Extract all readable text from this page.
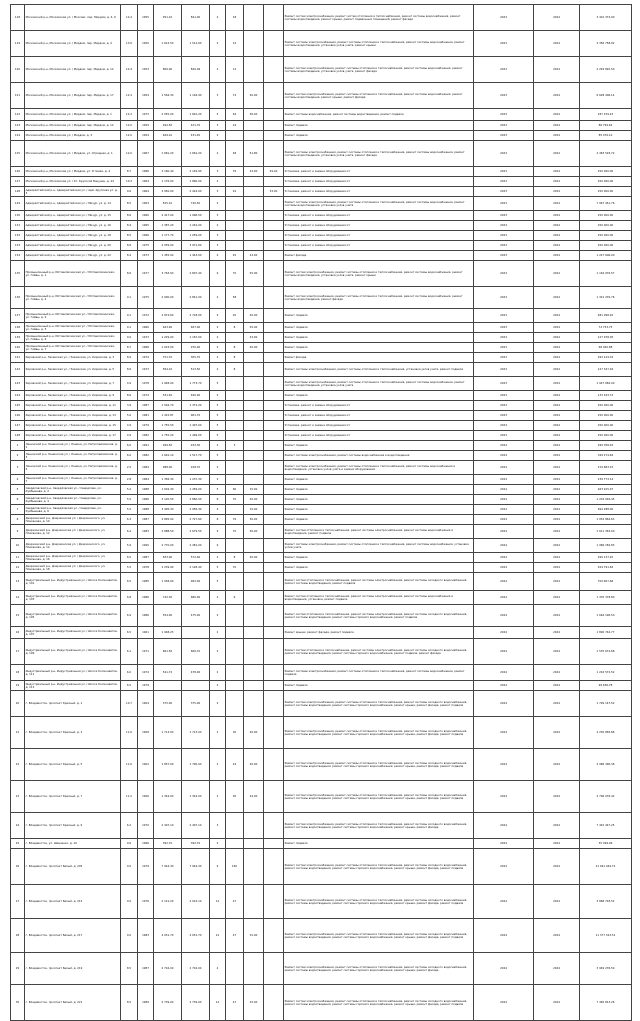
118	Московский р-н, Московская ул. / Московс. пер. Мирдом, д. 4, 9	12.4	1955	951,10	841,00	2	18			Ремонт систем электроснабжения, ремонт систем отопления и теплоснабжения, ремонт системы водоснабжения, ремонт системы водоотведения, ремонт крыши, ремонт подвальных помещений, ремонт фасада	2023	2024	3 401 374,90
119	Московский р-н, Московская ул. / Мирдом, пер. Мирдом, д. 4	13.6	1950	1 612,50	1 512,60	2	12			Ремонт системы электроснабжения, ремонт системы отопления и теплоснабжения, ремонт системы водоснабжения, ремонт системы водоотведения, установка узлов учета, ремонт крыши	2023	2024	4 356 758,92
120	Московский р-н, Московская ул. / Мирдом, пер. Мирдом, д. 12	12.9	1953	806,00	820,09	2	12			Ремонт систем электроснабжения, ремонт системы отопления и теплоснабжения, ремонт системы водоснабжения, ремонт системы водоотведения, установка узлов учета, ремонт фасада	2023	2024	2 249 820,50
121	Московский р-н, Московская ул. / Мирдом, пер. Мирдом, д. 17	12.4	1954	1 564,30	1 194,40	3	74	20,00		Ремонт систем электроснабжения, ремонт системы отопления и теплоснабжения, ремонт системы водоснабжения, ремонт системы водоотведения, ремонт крыши, ремонт фасада	2023	2024	6 628 406,14
122	Московский р-н, Московская ул. / Мирдом, пер. Мирдом, д. 1	12.2	1973	2 055,00	1 810,20	5	64	36,40		Ремонт системы водоснабжения, ремонт системы водоотведения, ремонт подвала	2023	2024	187 159,43
123	Московский р-н, Московская ул. / Мирдом, пер. Мирдом, д. 12	12.0	1959	492,50	421,70	3	24			Ремонт подвала	2023	2024	86 794,62
124	Московский р-н, Московская ул. / Мирдом, д. 3	12.0	1954	469,10	431,20	2				Ремонт подвала	2023	2024	85 476,10
125	Московский р-н, Московская ул. / Мирдом, ул. Отрадная, д. 1	12.0	1967	1 681,20	1 661,20	2	48	51,80		Ремонт системы электроснабжения, ремонт системы отопления и теплоснабжения, ремонт системы водоснабжения, ремонт системы водоотведения, установка узлов учета, ремонт фасада	2023	2024	2 483 593,72
126	Московский р-н, Московская ул. / Мирдом, ул. Угловая, д. 4	8.7	1986	3 160,40	2 149,90	3	76	23,00	29,40	Установка, ремонт и замена оборудования ит	2023	2024	250 000,00
127	Московский р-н, Московская ул. / Ул. Крупской Бакунин, д. 44	10.3	1964	1 176,00	1 890,00	2				Установка, ремонт и замена оборудования ит	2023	2024	250 000,00
128	Адмиралтейский р-н, Адмиралтейская ул. / Адм. Крупская ул. д. 3	9.6	1964	2 950,00	2 424,00	3	91		33,00	Установка, ремонт и замена оборудования ит	2023	2024	250 000,00
129	Адмиралтейский р-н, Адмиралтейская ул. / Мичур, ул. д. 14	8.5	1963	815,10	740,50	2				Ремонт системы электроснабжения, ремонт системы отопления и теплоснабжения, ремонт системы водоснабжения, ремонт системы водоотведения, установка узлов учета	2023	2024	7 967 451,76
130	Адмиралтейский р-н, Адмиралтейская ул. / Мичур, ул. д. 15	8.6	1960	2 417,00	1 996,50	3				Установка, ремонт и замена оборудования ит	2023	2024	250 000,00
131	Адмиралтейский р-н, Адмиралтейская ул. / Мичур, ул. д. 16	8.4	1965	1 387,20	1 242,00	2				Установка, ремонт и замена оборудования ит	2023	2024	250 000,00
132	Адмиралтейский р-н, Адмиралтейская ул. / Мичур, ул. д. 18	8.5	1966	1 177,70	1 059,00	3				Установка, ремонт и замена оборудования ит	2023	2024	250 000,00
133	Адмиралтейский р-н, Адмиралтейская ул. / Мичур, ул. д. 20	8.6	1975	4 059,00	3 971,60	3				Установка, ремонт и замена оборудования ит	2023	2024	250 000,00
134	Адмиралтейский р-н, Адмиралтейская ул. / Мичур, ул. д. 22	8.4	1973	1 455,00	1 443,00	4	45	23,00		Ремонт фасада	2023	2024	1 227 606,00
135	Промышленный р-н, Мотовилихинская ул. / Мотовилихинская, ул. Гайвы, д. 1	8.6	1977	3 763,50	2 807,40	9	70	25,90		Ремонт систем электроснабжения, ремонт системы отопления и теплоснабжения, ремонт системы водоснабжения, ремонт системы водоотведения, установка узлов учета, ремонт крыши	2023	2024	1 164 976,57
136	Промышленный р-н, Мотовилихинская ул. / Мотовилихинская, ул. Гайвы, д. 2	9.1	1975	2 900,00	2 841,00	2	58			Ремонт систем электроснабжения, ремонт системы отопления и теплоснабжения, ремонт системы водоснабжения, ремонт системы водоотведения, ремонт фасада	2023	2024	1 321 476,76
137	Промышленный р-н, Мотовилихинская ул. / Мотовилихинская, ул. Гайвы, д. 4	9.1	1972	2 874,60	2 718,00	9	20	20,00		Ремонт подвала	2023	2024	481 098,20
138	Промышленный р-н, Мотовилихинская ул. / Мотовилихинская, ул. Гайвы, д. 5	9.1	1960	623,90	467,00	2	8	25,00		Ремонт подвала	2023	2024	74 753,75
139	Промышленный р-н, Мотовилихинская ул. / Мотовилихинская, ул. Гайвы, д. 6	9.0	1973	1 229,00	1 167,00	2		23,00		Ремонт подвала	2023	2024	127 978,05
140	Промышленный р-н, Мотовилихинская ул. / Мотовилихинская, ул. Гайвы, д. 7	8.7	1968	1 023,00	970,00	2	8	20,00		Ремонт подвала	2023	2024	68 020,88
141	Кировский р-н, Закамская ул. / Закамская, ул. Кировская, д. 3	8.9	1974	371,70	305,70	2	8			Ремонт фасада	2023	2024	293 124,32
142	Кировский р-н, Закамская ул. / Закамская, ул. Кировская, д. 5	8.6	1973	564,10	513,50	2	8			Ремонт системы электроснабжения, ремонт системы отопления и теплоснабжения, установка узлов учета, ремонт подвала	2023	2024	127 347,02
143	Кировский р-н, Закамская ул. / Закамская, ул. Кировская, д. 7	4.9	1978	1 948,00	1 773,70	5				Ремонт системы электроснабжения, ремонт системы отопления и теплоснабжения, ремонт системы водоснабжения, ремонт системы водоотведения, установка узлов учета	2023	2024	1 947 682,00
144	Кировский р-н, Закамская ул. / Закамская, ул. Кировская, д. 9	8.6	1974	541,40	490,00	2				Ремонт подвала	2023	2024	133 163,72
145	Кировский р-н, Закамская ул. / Закамская, ул. Кировская, д. 11	3.9	1987	1 594,70	1 372,20	5				Установка, ремонт и замена оборудования ит	2023	2024	250 000,00
146	Кировский р-н, Закамская ул. / Закамская, ул. Кировская, д. 13	5.0	1981	1 415,87	961,70	5				Установка, ремонт и замена оборудования ит	2023	2024	250 000,00
147	Кировский р-н, Закамская ул. / Закамская, ул. Кировская, д. 15	4.9	1979	1 755,50	1 497,00	5				Установка, ремонт и замена оборудования ит	2023	2024	250 000,00
148	Кировский р-н, Закамская ул. / Закамская, ул. Кировская, д. 17	4.9	1982	1 755,20	1 499,00	5				Установка, ремонт и замена оборудования ит	2023	2024	250 000,00
1	Ленинский р-н, Ленинская ул. / Ленина, ул. Петропавловская, д. 1	6.0	1991	269,50	243,30	2	3			Ремонт подвала	2024	2024	299 358,93
2	Ленинский р-н, Ленинская ул. / Ленина, ул. Петропавловская, д. 3	6.0	1982	1 661,10	1 517,70	5				Ремонт системы электроснабжения, ремонт системы водоснабжения и водоотведения	2024	2024	349 274,46
3	Ленинский р-н, Ленинская ул. / Ленина, ул. Петропавловская, д. 5	2.5	1984	988,00	918,70	2				Ремонт системы электроснабжения, ремонт системы отопления и теплоснабжения, ремонт системы водоснабжения и водоотведения, установка узлов учета и замена оборудования	2024	2024	219 863,15
4	Ленинский р-н, Ленинская ул. / Ленина, ул. Петропавловская, д. 7	2.8	1984	1 356,30	1 237,30	2				Ремонт подвала	2024	2024	239 773,14
5	Свердловский р-н, Свердловская ул. / Свердлова, ул. Куйбышева, д. 2	5.2	1988	1 602,30	1 459,00	5	60	15,00		Ремонт подвала	2024	2024	463 915,97
6	Свердловский р-н, Свердловская ул. / Свердлова, ул. Куйбышева, д. 4	5.5	1986	3 120,50	2 860,50	6	70	20,00		Ремонт подвала	2024	2024	1 234 916,45
7	Свердловский р-н, Свердловская ул. / Свердлова, ул. Куйбышева, д. 6	5.5	1988	3 495,30	2 956,30	4		15,00		Ремонт подвала	2024	2024	694 288,00
8	Дзержинский р-н, Дзержинская ул. / Дзержинского, ул. Плеханова, д. 10	6.3	1987	2 895,00	2 727,60	8	76	30,00		Ремонт подвала	2024	2024	1 052 862,63
9	Дзержинский р-н, Дзержинская ул. / Дзержинского, ул. Плеханова, д. 12	6.4	1983	2 888,50	2 679,50	9	70	30,00		Ремонт систем отопления и теплоснабжения, ремонт системы электроснабжения, ремонт системы водоснабжения и водоотведения, ремонт подвала	2024	2024	1 611 363,00
10	Дзержинский р-н, Дзержинская ул. / Дзержинского, ул. Плеханова, д. 14	5.9	1990	2 770,00	2 481,00	9				Ремонт системы электроснабжения, ремонт системы отопления и теплоснабжения, ремонт системы водоснабжения, установка узлов учета	2024	2024	1 966 182,83
11	Дзержинский р-н, Дзержинская ул. / Дзержинского, ул. Плеханова, д. 16	6.5	1987	633,00	572,00	2	8	20,00		Ремонт подвала	2024	2024	299 137,20
12	Дзержинский р-н, Дзержинская ул. / Дзержинского, ул. Плеханова, д. 18	5.5	1978	2 239,90	2 128,40	5	70			Ремонт подвала	2024	2024	919 791,84
13	Индустриальный р-н, Индустриальная ул. / Шоссе Космонавтов, д. 101	6.5	1985	1 058,00	963,00	5				Ремонт систем отопления и теплоснабжения, ремонт системы электроснабжения, ремонт системы холодного водоснабжения, ремонт системы водоотведения, ремонт подвала	2024	2024	709 607,66
14	Индустриальный р-н, Индустриальная ул. / Шоссе Космонавтов, д. 103	6.8	1986	742,30	680,00	2	9			Ремонт систем отопления и теплоснабжения, ремонт системы электроснабжения, ремонт системы водоснабжения и водоотведения, установка, ремонт подвала	2024	2024	1 335 378,80
15	Индустриальный р-н, Индустриальная ул. / Шоссе Космонавтов, д. 105	6.9	1986	554,00	475,00	2				Ремонт систем отопления и теплоснабжения, ремонт системы электроснабжения, ремонт системы холодного водоснабжения, ремонт системы водоотведения, ремонт системы горячего водоснабжения, ремонт подвала	2024	2024	1 664 196,50
16	Индустриальный р-н, Индустриальная ул. / Шоссе Космонавтов, д. 107	6.5	1961	1 948,23		2				Ремонт крыши, ремонт фасада, ремонт подвала	2024	2024	1 800 744,77
17	Индустриальный р-н, Индустриальная ул. / Шоссе Космонавтов, д. 109	6.1	1971	661,50	606,70	2				Ремонт систем отопления и теплоснабжения, ремонт системы электроснабжения, ремонт системы холодного водоснабжения, ремонт системы водоотведения, ремонт системы горячего водоснабжения, ремонт подвала, ремонт фасада	2024	2024	1 535 672,68
18	Индустриальный р-н, Индустриальная ул. / Шоссе Космонавтов, д. 111	6.0	1974	541,72	478,00	2				Ремонт системы электроснабжения, ремонт системы отопления и теплоснабжения, ремонт системы водоснабжения, ремонт подвала	2024	2024	1 216 572,52
19	Индустриальный р-н, Индустриальная ул. / Шоссе Космонавтов, д. 113	6.5	1979			2				Ремонт подвала	2024	2024	99 636,78
20	г. Владивосток, проспект Красный, д. 1	10.7	1904	375,00	375,00	2				Ремонт систем электроснабжения, ремонт системы отопления и теплоснабжения, ремонт системы холодного водоснабжения, ремонт системы водоотведения, ремонт системы горячего водоснабжения, ремонт крыши, ремонт фасада, ремонт подвала	2024	2024	1 799 147,52
21	г. Владивосток, проспект Красный, д. 3	11.6	1908	1 713,00	1 713,00	3	30	20,00		Ремонт систем электроснабжения, ремонт системы отопления и теплоснабжения, ремонт системы холодного водоснабжения, ремонт системы водоотведения, ремонт системы горячего водоснабжения, ремонт крыши, ремонт фасада, ремонт подвала	2024	2024	4 230 865,86
22	г. Владивосток, проспект Красный, д. 5	11.6	1902	1 857,00	1 790,00	3	24	20,00		Ремонт систем электроснабжения, ремонт системы отопления и теплоснабжения, ремонт системы холодного водоснабжения, ремонт системы водоотведения, ремонт системы горячего водоснабжения, ремонт крыши, ремонт фасада, ремонт подвала	2024	2024	4 986 396,36
23	г. Владивосток, проспект Красный, д. 7	11.2	1906	1 344,00	1 344,00	3	95	24,00		Ремонт систем электроснабжения, ремонт системы отопления и теплоснабжения, ремонт системы холодного водоснабжения, ремонт системы водоотведения, ремонт системы горячего водоснабжения, ремонт крыши, ремонт фасада, ремонт подвала	2024	2024	4 796 976,42
24	г. Владивосток, проспект Красный, д. 9	6.2	1970	2 497,10	2 497,10	3				Ремонт систем электроснабжения, ремонт системы отопления и теплоснабжения, ремонт системы холодного водоснабжения, ремонт системы водоотведения, ремонт системы горячего водоснабжения, ремонт крыши, ремонт фасада	2024	2024	7 491 447,25
25	г. Владивосток, ул. Шевченко, д. 10	9.6	1966	392,70	392,70	2				Ремонт подвала	2024	2024	35 499,96
26	г. Владивосток, проспект Белый, д. 205	9.0	1979	7 944,30	7 944,30	9	160			Ремонт систем электроснабжения, ремонт системы отопления и теплоснабжения, ремонт системы холодного водоснабжения, ремонт системы водоотведения, ремонт системы горячего водоснабжения, ремонт крыши, ремонт фасада, ремонт подвала	2024	2024	21 991 464,72
27	г. Владивосток, проспект Белый, д. 215	9.0	1976	2 121,20	2 022,10	12	47			Ремонт систем электроснабжения, ремонт системы отопления и теплоснабжения, ремонт системы холодного водоснабжения, ремонт системы водоотведения, ремонт системы горячего водоснабжения, ремонт крыши, ремонт фасада, ремонт подвала	2024	2024	3 868 793,52
28	г. Владивосток, проспект Белый, д. 217	9.0	1983	4 051,70	4 051,70	12	47	15,00		Ремонт систем электроснабжения, ремонт системы отопления и теплоснабжения, ремонт системы холодного водоснабжения, ремонт системы водоотведения, ремонт системы горячего водоснабжения, ремонт крыши, ремонт фасада, ремонт подвала	2024	2024	11 377 523,51
29	г. Владивосток, проспект Белый, д. 219	8.5	1987	2 716,00	2 716,00	4				Ремонт систем электроснабжения, ремонт системы отопления и теплоснабжения, ремонт системы холодного водоснабжения, ремонт системы водоотведения, ремонт системы горячего водоснабжения, ремонт крыши, ремонт фасада	2024	2024	3 949 276,50
30	г. Владивосток, проспект Белый, д. 221	8.5	1989	2 739,00	2 739,00	12	47	15,00		Ремонт систем электроснабжения, ремонт системы отопления и теплоснабжения, ремонт системы холодного водоснабжения, ремонт системы водоотведения, ремонт системы горячего водоснабжения, ремонт крыши, ремонт фасада, ремонт подвала	2024	2024	7 465 813,26
